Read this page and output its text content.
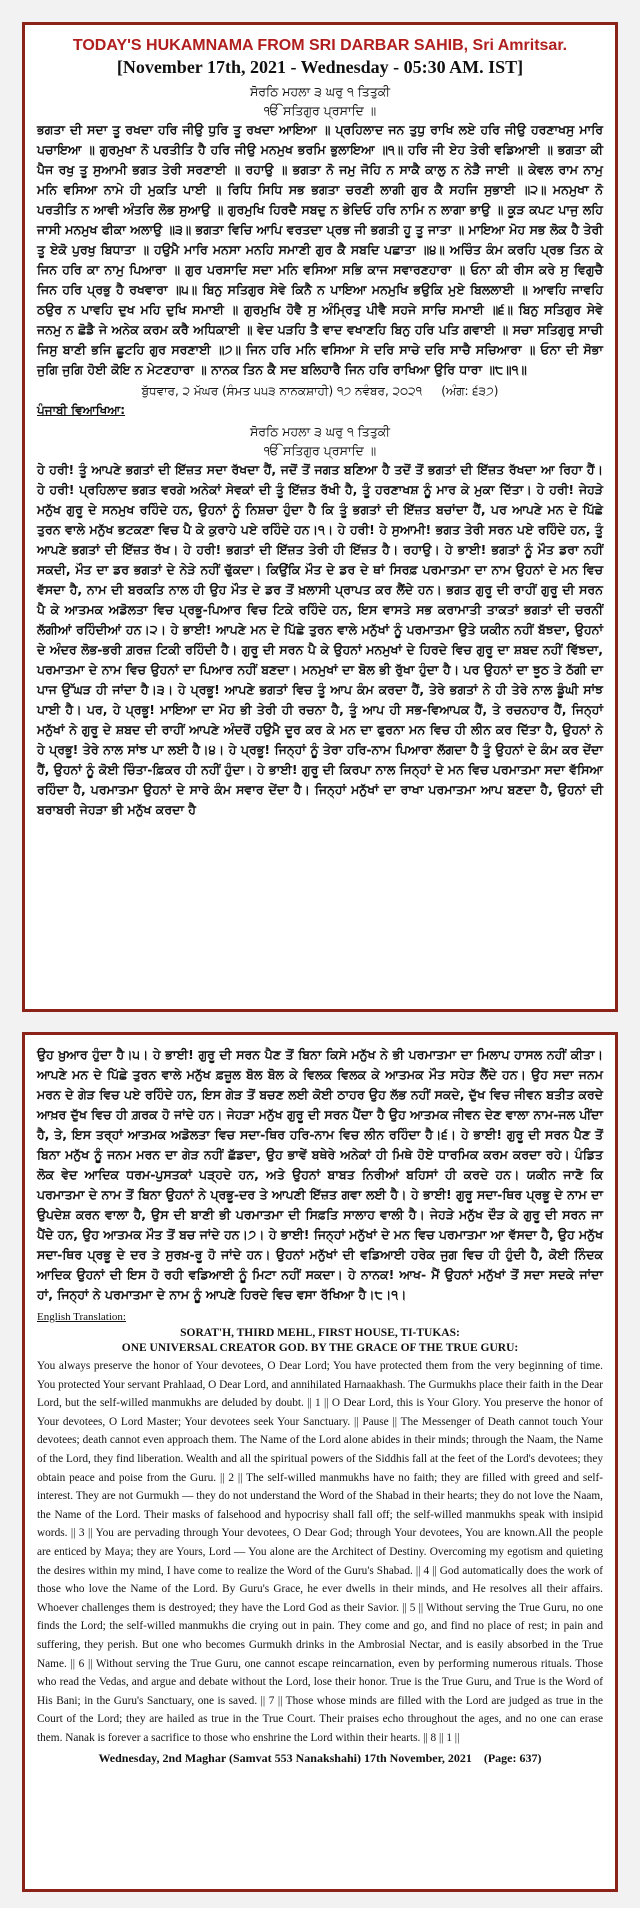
TODAY'S HUKAMNAMA FROM SRI DARBAR SAHIB, Sri Amritsar.
[November 17th, 2021 - Wednesday - 05:30 AM. IST]
ਸੋਰਠਿ ਮਹਲਾ ੩ ਘਰੁ ੧ ਤਿਤੁਕੀ
ੴ ਸਤਿਗੁਰ ਪ੍ਰਸਾਦਿ ॥

ਭਗਤਾ ਦੀ ਸਦਾ ਤੂ ਰਖਦਾ ਹਰਿ ਜੀਉ ਧੁਰਿ ਤੂ ਰਖਦਾ ਆਇਆ ॥ ਪ੍ਰਹਿਲਾਦ ਜਨ ਤੁਧੁ ਰਾਖਿ ਲਏ ਹਰਿ ਜੀਉ ਹਰਣਾਖਸੁ ਮਾਰਿ ਪਚਾਇਆ ॥ ਗੁਰਮੁਖਾ ਨੋ ਪਰਤੀਤਿ ਹੈ ਹਰਿ ਜੀਉ ਮਨਮੁਖ ਭਰਮਿ ਭੁਲਾਇਆ ॥੧॥ ਹਰਿ ਜੀ ਏਹ ਤੇਰੀ ਵਡਿਆਈ ॥ ਭਗਤਾ ਕੀ ਪੈਜ ਰਖੁ ਤੂ ਸੁਆਮੀ ਭਗਤ ਤੇਰੀ ਸਰਣਾਈ ॥ ਰਹਾਉ ॥ ਭਗਤਾ ਨੋ ਜਮੁ ਜੋਹਿ ਨ ਸਾਕੈ ਕਾਲੁ ਨ ਨੇੜੈ ਜਾਈ ॥ ਕੇਵਲ ਰਾਮ ਨਾਮੁ ਮਨਿ ਵਸਿਆ ਨਾਮੇ ਹੀ ਮੁਕਤਿ ਪਾਈ ॥ ਰਿਧਿ ਸਿਧਿ ਸਭ ਭਗਤਾ ਚਰਣੀ ਲਾਗੀ ਗੁਰ ਕੈ ਸਹਜਿ ਸੁਭਾਈ ॥੨॥ ਮਨਮੁਖਾ ਨੋ ਪਰਤੀਤਿ ਨ ਆਵੀ ਅੰਤਰਿ ਲੋਭ ਸੁਆਉ ॥ ਗੁਰਮੁਖਿ ਹਿਰਦੈ ਸਬਦੁ ਨ ਭੇਦਿਓ ਹਰਿ ਨਾਮਿ ਨ ਲਾਗਾ ਭਾਉ ॥ ਕੂੜ ਕਪਟ ਪਾਜੁ ਲਹਿ ਜਾਸੀ ਮਨਮੁਖ ਫੀਕਾ ਅਲਾਉ ॥੩॥ ਭਗਤਾ ਵਿਚਿ ਆਪਿ ਵਰਤਦਾ ਪ੍ਰਭ ਜੀ ਭਗਤੀ ਹੂ ਤੂ ਜਾਤਾ ॥ ਮਾਇਆ ਮੋਹ ਸਭ ਲੋਕ ਹੈ ਤੇਰੀ ਤੂ ਏਕੋ ਪੁਰਖੁ ਬਿਧਾਤਾ ॥ ਹਉਮੈ ਮਾਰਿ ਮਨਸਾ ਮਨਹਿ ਸਮਾਣੀ ਗੁਰ ਕੈ ਸਬਦਿ ਪਛਾਤਾ ॥੪॥ ਅਚਿੰਤ ਕੰਮ ਕਰਹਿ ਪ੍ਰਭ ਤਿਨ ਕੇ ਜਿਨ ਹਰਿ ਕਾ ਨਾਮੁ ਪਿਆਰਾ ॥ ਗੁਰ ਪਰਸਾਦਿ ਸਦਾ ਮਨਿ ਵਸਿਆ ਸਭਿ ਕਾਜ ਸਵਾਰਣਹਾਰਾ ॥ ਓਨਾ ਕੀ ਰੀਸ ਕਰੇ ਸੁ ਵਿਗੁਚੈ ਜਿਨ ਹਰਿ ਪ੍ਰਭੁ ਹੈ ਰਖਵਾਰਾ ॥੫॥ ਬਿਨੁ ਸਤਿਗੁਰ ਸੇਵੇ ਕਿਨੈ ਨ ਪਾਇਆ ਮਨਮੁਖਿ ਭਉਕਿ ਮੁਏ ਬਿਲਲਾਈ ॥ ਆਵਹਿ ਜਾਵਹਿ ਠਉਰ ਨ ਪਾਵਹਿ ਦੁਖ ਮਹਿ ਦੁਖਿ ਸਮਾਈ ॥ ਗੁਰਮੁਖਿ ਹੋਵੈ ਸੁ ਅੰਮ੍ਰਿਤੁ ਪੀਵੈ ਸਹਜੇ ਸਾਚਿ ਸਮਾਈ ॥੬॥ ਬਿਨੁ ਸਤਿਗੁਰ ਸੇਵੇ ਜਨਮੁ ਨ ਛੋਡੈ ਜੇ ਅਨੇਕ ਕਰਮ ਕਰੈ ਅਧਿਕਾਈ ॥ ਵੇਦ ਪੜਹਿ ਤੈ ਵਾਦ ਵਖਾਣਹਿ ਬਿਨੁ ਹਰਿ ਪਤਿ ਗਵਾਈ ॥ ਸਚਾ ਸਤਿਗੁਰੁ ਸਾਚੀ ਜਿਸੁ ਬਾਣੀ ਭਜਿ ਛੂਟਹਿ ਗੁਰ ਸਰਣਾਈ ॥੭॥ ਜਿਨ ਹਰਿ ਮਨਿ ਵਸਿਆ ਸੇ ਦਰਿ ਸਾਚੇ ਦਰਿ ਸਾਚੈ ਸਚਿਆਰਾ ॥ ਓਨਾ ਦੀ ਸੋਭਾ ਜੁਗਿ ਜੁਗਿ ਹੋਈ ਕੋਇ ਨ ਮੇਟਣਹਾਰਾ ॥ ਨਾਨਕ ਤਿਨ ਕੈ ਸਦ ਬਲਿਹਾਰੈ ਜਿਨ ਹਰਿ ਰਾਖਿਆ ਉਰਿ ਧਾਰਾ ॥੮॥੧॥

ਬੁੱਧਵਾਰ, ੨ ਮੱਘਰ (ਸੰਮਤ ੫੫੩ ਨਾਨਕਸ਼ਾਹੀ) ੧੭ ਨਵੰਬਰ, ੨੦੨੧ (ਅੰਗ: ੬੩੭)
ਪੰਜਾਬੀ ਵਿਆਖਿਆ:
ਸੋਰਠਿ ਮਹਲਾ ੩ ਘਰੁ ੧ ਤਿਤੁਕੀ
ੴ ਸਤਿਗੁਰ ਪ੍ਰਸਾਦਿ ॥

ਹੇ ਹਰੀ! ਤੂੰ ਆਪਣੇ ਭਗਤਾਂ ਦੀ ਇੱਜ਼ਤ ਸਦਾ ਰੱਖਦਾ ਹੈਂ, ਜਦੋਂ ਤੋਂ ਜਗਤ ਬਣਿਆ ਹੈ ਤਦੋਂ ਤੋਂ ਭਗਤਾਂ ਦੀ ਇੱਜ਼ਤ ਰੱਖਦਾ ਆ ਰਿਹਾ ਹੈਂ। ਹੇ ਹਰੀ! ਪ੍ਰਹਿਲਾਦ ਭਗਤ ਵਰਗੇ ਅਨੇਕਾਂ ਸੇਵਕਾਂ ਦੀ ਤੂੰ ਇੱਜ਼ਤ ਰੱਖੀ ਹੈ, ਤੂੰ ਹਰਣਾਖਸ਼ ਨੂੰ ਮਾਰ ਕੇ ਮੁਕਾ ਦਿੱਤਾ। ਹੇ ਹਰੀ! ਜੇਹੜੇ ਮਨੁੱਖ ਗੁਰੂ ਦੇ ਸਨਮੁਖ ਰਹਿੰਦੇ ਹਨ, ਉਹਨਾਂ ਨੂੰ ਨਿਸ਼ਚਾ ਹੁੰਦਾ ਹੈ ਕਿ ਤੂੰ ਭਗਤਾਂ ਦੀ ਇੱਜ਼ਤ ਬਚਾਂਦਾ ਹੈਂ, ਪਰ ਆਪਣੇ ਮਨ ਦੇ ਪਿੱਛੇ ਤੁਰਨ ਵਾਲੇ ਮਨੁੱਖ ਭਟਕਣਾ ਵਿਚ ਪੈ ਕੇ ਕੁਰਾਹੇ ਪਏ ਰਹਿੰਦੇ ਹਨ।੧। ਹੇ ਹਰੀ! ਹੇ ਸੁਆਮੀ! ਭਗਤ ਤੇਰੀ ਸਰਨ ਪਏ ਰਹਿੰਦੇ ਹਨ, ਤੂੰ ਆਪਣੇ ਭਗਤਾਂ ਦੀ ਇੱਜ਼ਤ ਰੱਖ। ਹੇ ਹਰੀ! ਭਗਤਾਂ ਦੀ ਇੱਜ਼ਤ ਤੇਰੀ ਹੀ ਇੱਜ਼ਤ ਹੈ। ਰਹਾਉ। ਹੇ ਭਾਈ! ਭਗਤਾਂ ਨੂੰ ਮੌਤ ਡਰਾ ਨਹੀਂ ਸਕਦੀ, ਮੌਤ ਦਾ ਡਰ ਭਗਤਾਂ ਦੇ ਨੇੜੇ ਨਹੀਂ ਢੁੱਕਦਾ। ਕਿਉਂਕਿ ਮੌਤ ਦੇ ਡਰ ਦੇ ਥਾਂ ਸਿਰਫ਼ ਪਰਮਾਤਮਾ ਦਾ ਨਾਮ ਉਹਨਾਂ ਦੇ ਮਨ ਵਿਚ ਵੱਸਦਾ ਹੈ, ਨਾਮ ਦੀ ਬਰਕਤਿ ਨਾਲ ਹੀ ਉਹ ਮੌਤ ਦੇ ਡਰ ਤੋਂ ਖ਼ਲਾਸੀ ਪ੍ਰਾਪਤ ਕਰ ਲੈਂਦੇ ਹਨ। ਭਗਤ ਗੁਰੂ ਦੀ ਰਾਹੀਂ ਗੁਰੂ ਦੀ ਸਰਨ ਪੈ ਕੇ ਆਤਮਕ ਅਡੋਲਤਾ ਵਿਚ ਪ੍ਰਭੂ-ਪਿਆਰ ਵਿਚ ਟਿਕੇ ਰਹਿੰਦੇ ਹਨ, ਇਸ ਵਾਸਤੇ ਸਭ ਕਰਾਮਾਤੀ ਤਾਕਤਾਂ ਭਗਤਾਂ ਦੀ ਚਰਨੀਂ ਲੱਗੀਆਂ ਰਹਿੰਦੀਆਂ ਹਨ।੨। ਹੇ ਭਾਈ! ਆਪਣੇ ਮਨ ਦੇ ਪਿੱਛੇ ਤੁਰਨ ਵਾਲੇ ਮਨੁੱਖਾਂ ਨੂੰ ਪਰਮਾਤਮਾ ਉਤੇ ਯਕੀਨ ਨਹੀਂ ਬੱਝਦਾ, ਉਹਨਾਂ ਦੇ ਅੰਦਰ ਲੋਭ-ਭਰੀ ਗ਼ਰਜ਼ ਟਿਕੀ ਰਹਿੰਦੀ ਹੈ। ਗੁਰੂ ਦੀ ਸਰਨ ਪੈ ਕੇ ਉਹਨਾਂ ਮਨਮੁਖਾਂ ਦੇ ਹਿਰਦੇ ਵਿਚ ਗੁਰੂ ਦਾ ਸ਼ਬਦ ਨਹੀਂ ਵਿੱਝਦਾ, ਪਰਮਾਤਮਾ ਦੇ ਨਾਮ ਵਿਚ ਉਹਨਾਂ ਦਾ ਪਿਆਰ ਨਹੀਂ ਬਣਦਾ। ਮਨਮੁਖਾਂ ਦਾ ਬੋਲ ਭੀ ਰੁੱਖਾ ਹੁੰਦਾ ਹੈ। ਪਰ ਉਹਨਾਂ ਦਾ ਝੂਠ ਤੇ ਠੱਗੀ ਦਾ ਪਾਜ ਉੱਘੜ ਹੀ ਜਾਂਦਾ ਹੈ।੩। ਹੇ ਪ੍ਰਭੂ! ਆਪਣੇ ਭਗਤਾਂ ਵਿਚ ਤੂੰ ਆਪ ਕੰਮ ਕਰਦਾ ਹੈਂ, ਤੇਰੇ ਭਗਤਾਂ ਨੇ ਹੀ ਤੇਰੇ ਨਾਲ ਡੂੰਘੀ ਸਾਂਝ ਪਾਈ ਹੈ। ਪਰ, ਹੇ ਪ੍ਰਭੂ! ਮਾਇਆ ਦਾ ਮੋਹ ਭੀ ਤੇਰੀ ਹੀ ਰਚਨਾ ਹੈ, ਤੂੰ ਆਪ ਹੀ ਸਭ-ਵਿਆਪਕ ਹੈਂ, ਤੇ ਰਚਨਹਾਰ ਹੈਂ, ਜਿਨ੍ਹਾਂ ਮਨੁੱਖਾਂ ਨੇ ਗੁਰੂ ਦੇ ਸ਼ਬਦ ਦੀ ਰਾਹੀਂ ਆਪਣੇ ਅੰਦਰੋਂ ਹਉਮੈ ਦੂਰ ਕਰ ਕੇ ਮਨ ਦਾ ਫੁਰਨਾ ਮਨ ਵਿਚ ਹੀ ਲੀਨ ਕਰ ਦਿੱਤਾ ਹੈ, ਉਹਨਾਂ ਨੇ ਹੇ ਪ੍ਰਭੂ! ਤੇਰੇ ਨਾਲ ਸਾਂਝ ਪਾ ਲਈ ਹੈ।੪। ਹੇ ਪ੍ਰਭੂ! ਜਿਨ੍ਹਾਂ ਨੂੰ ਤੇਰਾ ਹਰਿ-ਨਾਮ ਪਿਆਰਾ ਲੱਗਦਾ ਹੈ ਤੂੰ ਉਹਨਾਂ ਦੇ ਕੰਮ ਕਰ ਦੇਂਦਾ ਹੈਂ, ਉਹਨਾਂ ਨੂੰ ਕੋਈ ਚਿੰਤਾ-ਫ਼ਿਕਰ ਹੀ ਨਹੀਂ ਹੁੰਦਾ। ਹੇ ਭਾਈ! ਗੁਰੂ ਦੀ ਕਿਰਪਾ ਨਾਲ ਜਿਨ੍ਹਾਂ ਦੇ ਮਨ ਵਿਚ ਪਰਮਾਤਮਾ ਸਦਾ ਵੱਸਿਆ ਰਹਿੰਦਾ ਹੈ, ਪਰਮਾਤਮਾ ਉਹਨਾਂ ਦੇ ਸਾਰੇ ਕੰਮ ਸਵਾਰ ਦੇਂਦਾ ਹੈ। ਜਿਨ੍ਹਾਂ ਮਨੁੱਖਾਂ ਦਾ ਰਾਖਾ ਪਰਮਾਤਮਾ ਆਪ ਬਣਦਾ ਹੈ, ਉਹਨਾਂ ਦੀ ਬਰਾਬਰੀ ਜੇਹੜਾ ਭੀ ਮਨੁੱਖ ਕਰਦਾ ਹੈ

ਉਹ ਖ਼ੁਆਰ ਹੁੰਦਾ ਹੈ।੫। ਹੇ ਭਾਈ! ਗੁਰੂ ਦੀ ਸਰਨ ਪੈਣ ਤੋਂ ਬਿਨਾ ਕਿਸੇ ਮਨੁੱਖ ਨੇ ਭੀ ਪਰਮਾਤਮਾ ਦਾ ਮਿਲਾਪ ਹਾਸਲ ਨਹੀਂ ਕੀਤਾ। ਆਪਣੇ ਮਨ ਦੇ ਪਿੱਛੇ ਤੁਰਨ ਵਾਲੇ ਮਨੁੱਖ ਫ਼ਜ਼ੂਲ ਬੋਲ ਬੋਲ ਕੇ ਵਿਲਕ ਵਿਲਕ ਕੇ ਆਤਮਕ ਮੌਤ ਸਹੇੜ ਲੈਂਦੇ ਹਨ। ਉਹ ਸਦਾ ਜਨਮ ਮਰਨ ਦੇ ਗੇੜ ਵਿਚ ਪਏ ਰਹਿੰਦੇ ਹਨ, ਇਸ ਗੇੜ ਤੋਂ ਬਚਣ ਲਈ ਕੋਈ ਠਾਹਰ ਉਹ ਲੱਭ ਨਹੀਂ ਸਕਦੇ, ਦੁੱਖ ਵਿਚ ਜੀਵਨ ਬਤੀਤ ਕਰਦੇ ਆਖ਼ਰ ਦੁੱਖ ਵਿਚ ਹੀ ਗ਼ਰਕ ਹੋ ਜਾਂਦੇ ਹਨ। ਜੇਹੜਾ ਮਨੁੱਖ ਗੁਰੂ ਦੀ ਸਰਨ ਪੈਂਦਾ ਹੈ ਉਹ ਆਤਮਕ ਜੀਵਨ ਦੇਣ ਵਾਲਾ ਨਾਮ-ਜਲ ਪੀਂਦਾ ਹੈ, ਤੇ, ਇਸ ਤਰ੍ਹਾਂ ਆਤਮਕ ਅਡੋਲਤਾ ਵਿਚ ਸਦਾ-ਥਿਰ ਹਰਿ-ਨਾਮ ਵਿਚ ਲੀਨ ਰਹਿੰਦਾ ਹੈ।੬। ਹੇ ਭਾਈ! ਗੁਰੂ ਦੀ ਸਰਨ ਪੈਣ ਤੋਂ ਬਿਨਾ ਮਨੁੱਖ ਨੂੰ ਜਨਮ ਮਰਨ ਦਾ ਗੇੜ ਨਹੀਂ ਛੱਡਦਾ, ਉਹ ਭਾਵੇਂ ਬਥੇਰੇ ਅਨੇਕਾਂ ਹੀ ਮਿਥੇ ਹੋਏ ਧਾਰਮਿਕ ਕਰਮ ਕਰਦਾ ਰਹੇ। ਪੰਡਿਤ ਲੋਕ ਵੇਦ ਆਦਿਕ ਧਰਮ-ਪੁਸਤਕਾਂ ਪੜ੍ਹਦੇ ਹਨ, ਅਤੇ ਉਹਨਾਂ ਬਾਬਤ ਨਿਰੀਆਂ ਬਹਿਸਾਂ ਹੀ ਕਰਦੇ ਹਨ। ਯਕੀਨ ਜਾਣੋ ਕਿ ਪਰਮਾਤਮਾ ਦੇ ਨਾਮ ਤੋਂ ਬਿਨਾ ਉਹਨਾਂ ਨੇ ਪ੍ਰਭੂ-ਦਰ ਤੇ ਆਪਣੀ ਇੱਜ਼ਤ ਗਵਾ ਲਈ ਹੈ। ਹੇ ਭਾਈ! ਗੁਰੂ ਸਦਾ-ਥਿਰ ਪ੍ਰਭੂ ਦੇ ਨਾਮ ਦਾ ਉਪਦੇਸ਼ ਕਰਨ ਵਾਲਾ ਹੈ, ਉਸ ਦੀ ਬਾਣੀ ਭੀ ਪਰਮਾਤਮਾ ਦੀ ਸਿਫ਼ਤਿ ਸਾਲਾਹ ਵਾਲੀ ਹੈ। ਜੇਹੜੇ ਮਨੁੱਖ ਦੌੜ ਕੇ ਗੁਰੂ ਦੀ ਸਰਨ ਜਾ ਪੈਂਦੇ ਹਨ, ਉਹ ਆਤਮਕ ਮੌਤ ਤੋਂ ਬਚ ਜਾਂਦੇ ਹਨ।੭। ਹੇ ਭਾਈ! ਜਿਨ੍ਹਾਂ ਮਨੁੱਖਾਂ ਦੇ ਮਨ ਵਿਚ ਪਰਮਾਤਮਾ ਆ ਵੱਸਦਾ ਹੈ, ਉਹ ਮਨੁੱਖ ਸਦਾ-ਥਿਰ ਪ੍ਰਭੂ ਦੇ ਦਰ ਤੇ ਸੁਰਖ਼-ਰੂ ਹੋ ਜਾਂਦੇ ਹਨ। ਉਹਨਾਂ ਮਨੁੱਖਾਂ ਦੀ ਵਡਿਆਈ ਹਰੇਕ ਜੁਗ ਵਿਚ ਹੀ ਹੁੰਦੀ ਹੈ, ਕੋਈ ਨਿੰਦਕ ਆਦਿਕ ਉਹਨਾਂ ਦੀ ਇਸ ਹੋ ਰਹੀ ਵਡਿਆਈ ਨੂੰ ਮਿਟਾ ਨਹੀਂ ਸਕਦਾ। ਹੇ ਨਾਨਕ! ਆਖ- ਮੈਂ ਉਹਨਾਂ ਮਨੁੱਖਾਂ ਤੋਂ ਸਦਾ ਸਦਕੇ ਜਾਂਦਾ ਹਾਂ, ਜਿਨ੍ਹਾਂ ਨੇ ਪਰਮਾਤਮਾ ਦੇ ਨਾਮ ਨੂੰ ਆਪਣੇ ਹਿਰਦੇ ਵਿਚ ਵਸਾ ਰੱਖਿਆ ਹੈ।੮।੧।

English Translation:
SORAT'H, THIRD MEHL, FIRST HOUSE, TI-TUKAS:
ONE UNIVERSAL CREATOR GOD. BY THE GRACE OF THE TRUE GURU:

You always preserve the honor of Your devotees, O Dear Lord; You have protected them from the very beginning of time. You protected Your servant Prahlaad, O Dear Lord, and annihilated Harnaakhash. The Gurmukhs place their faith in the Dear Lord, but the self-willed manmukhs are deluded by doubt. || 1 || O Dear Lord, this is Your Glory. You preserve the honor of Your devotees, O Lord Master; Your devotees seek Your Sanctuary. || Pause || The Messenger of Death cannot touch Your devotees; death cannot even approach them. The Name of the Lord alone abides in their minds; through the Naam, the Name of the Lord, they find liberation. Wealth and all the spiritual powers of the Siddhis fall at the feet of the Lord's devotees; they obtain peace and poise from the Guru. || 2 || The self-willed manmukhs have no faith; they are filled with greed and self-interest. They are not Gurmukh — they do not understand the Word of the Shabad in their hearts; they do not love the Naam, the Name of the Lord. Their masks of falsehood and hypocrisy shall fall off; the self-willed manmukhs speak with insipid words. || 3 || You are pervading through Your devotees, O Dear God; through Your devotees, You are known.All the people are enticed by Maya; they are Yours, Lord — You alone are the Architect of Destiny. Overcoming my egotism and quieting the desires within my mind, I have come to realize the Word of the Guru's Shabad. || 4 || God automatically does the work of those who love the Name of the Lord. By Guru's Grace, he ever dwells in their minds, and He resolves all their affairs. Whoever challenges them is destroyed; they have the Lord God as their Savior. || 5 || Without serving the True Guru, no one finds the Lord; the self-willed manmukhs die crying out in pain. They come and go, and find no place of rest; in pain and suffering, they perish. But one who becomes Gurmukh drinks in the Ambrosial Nectar, and is easily absorbed in the True Name. || 6 || Without serving the True Guru, one cannot escape reincarnation, even by performing numerous rituals. Those who read the Vedas, and argue and debate without the Lord, lose their honor. True is the True Guru, and True is the Word of His Bani; in the Guru's Sanctuary, one is saved. || 7 || Those whose minds are filled with the Lord are judged as true in the Court of the Lord; they are hailed as true in the True Court. Their praises echo throughout the ages, and no one can erase them. Nanak is forever a sacrifice to those who enshrine the Lord within their hearts. || 8 || 1 ||

Wednesday, 2nd Maghar (Samvat 553 Nanakshahi) 17th November, 2021 (Page: 637)
